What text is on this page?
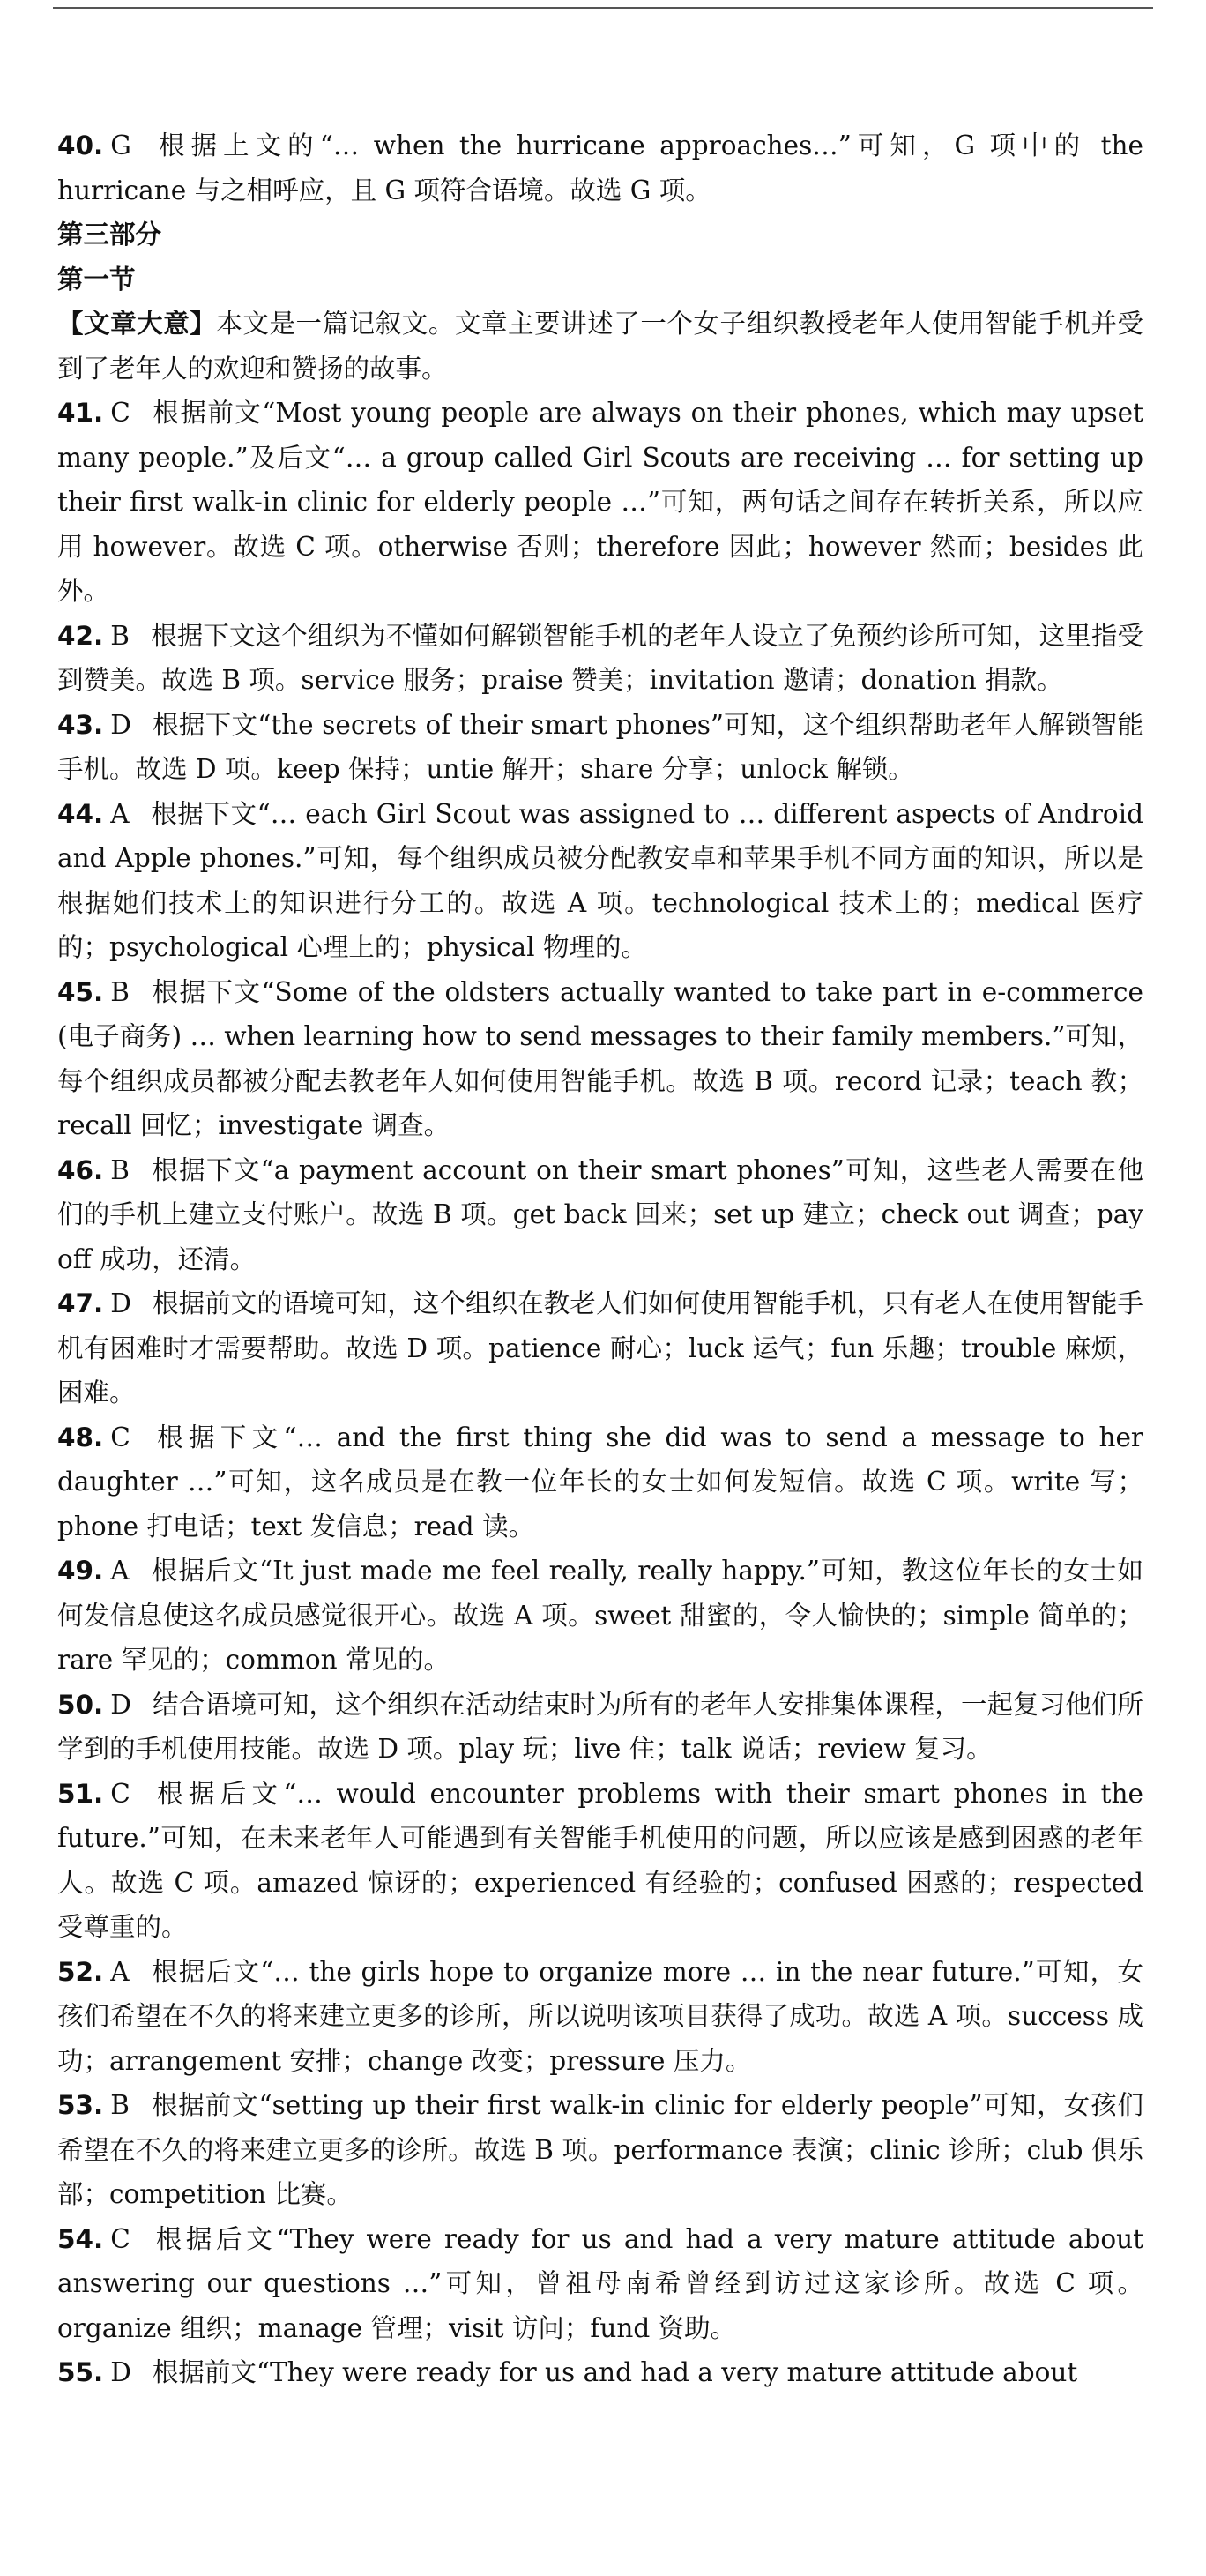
40. G 根据上文的“… when the hurricane approaches…”可知，G 项中的 the hurricane 与之相呼应，且 G 项符合语境。故选 G 项。

第三部分
第一节

【文章大意】本文是一篇记叙文。文章主要讲述了一个女子组织教授老年人使用智能手机并受到了老年人的欢迎和赞扬的故事。

41. C 根据前文“Most young people are always on their phones, which may upset many people.”及后文“… a group called Girl Scouts are receiving … for setting up their first walk-in clinic for elderly people …”可知，两句话之间存在转折关系，所以应用 however。故选 C 项。otherwise 否则；therefore 因此；however 然而；besides 此外。

42. B 根据下文这个组织为不懂如何解锁智能手机的老年人设立了免预约诊所可知，这里指受到赞美。故选 B 项。service 服务；praise 赞美；invitation 邀请；donation 捐款。

43. D 根据下文“the secrets of their smart phones”可知，这个组织帮助老年人解锁智能手机。故选 D 项。keep 保持；untie 解开；share 分享；unlock 解锁。

44. A 根据下文“… each Girl Scout was assigned to … different aspects of Android and Apple phones.”可知，每个组织成员被分配教安卓和苹果手机不同方面的知识，所以是根据她们技术上的知识进行分工的。故选 A 项。technological 技术上的；medical 医疗的；psychological 心理上的；physical 物理的。

45. B 根据下文“Some of the oldsters actually wanted to take part in e-commerce (电子商务) … when learning how to send messages to their family members.”可知，每个组织成员都被分配去教老年人如何使用智能手机。故选 B 项。record 记录；teach 教；recall 回忆；investigate 调查。

46. B 根据下文“a payment account on their smart phones”可知，这些老人需要在他们的手机上建立支付账户。故选 B 项。get back 回来；set up 建立；check out 调查；pay off 成功，还清。

47. D 根据前文的语境可知，这个组织在教老人们如何使用智能手机，只有老人在使用智能手机有困难时才需要帮助。故选 D 项。patience 耐心；luck 运气；fun 乐趣；trouble 麻烦，困难。

48. C 根据下文“… and the first thing she did was to send a message to her daughter …”可知，这名成员是在教一位年长的女士如何发短信。故选 C 项。write 写；phone 打电话；text 发信息；read 读。

49. A 根据后文“It just made me feel really, really happy.”可知，教这位年长的女士如何发信息使这名成员感觉很开心。故选 A 项。sweet 甜蜜的，令人愉快的；simple 简单的；rare 罕见的；common 常见的。

50. D 结合语境可知，这个组织在活动结束时为所有的老年人安排集体课程，一起复习他们所学到的手机使用技能。故选 D 项。play 玩；live 住；talk 说话；review 复习。

51. C 根据后文“… would encounter problems with their smart phones in the future.”可知，在未来老年人可能遇到有关智能手机使用的问题，所以应该是感到困惑的老年人。故选 C 项。amazed 惊讶的；experienced 有经验的；confused 困惑的；respected 受尊重的。

52. A 根据后文“… the girls hope to organize more … in the near future.”可知，女孩们希望在不久的将来建立更多的诊所，所以说明该项目获得了成功。故选 A 项。success 成功；arrangement 安排；change 改变；pressure 压力。

53. B 根据前文“setting up their first walk-in clinic for elderly people”可知，女孩们希望在不久的将来建立更多的诊所。故选 B 项。performance 表演；clinic 诊所；club 俱乐部；competition 比赛。

54. C 根据后文“They were ready for us and had a very mature attitude about answering our questions …”可知，曾祖母南希曾经到访过这家诊所。故选 C 项。organize 组织；manage 管理；visit 访问；fund 资助。

55. D 根据前文“They were ready for us and had a very mature attitude about
